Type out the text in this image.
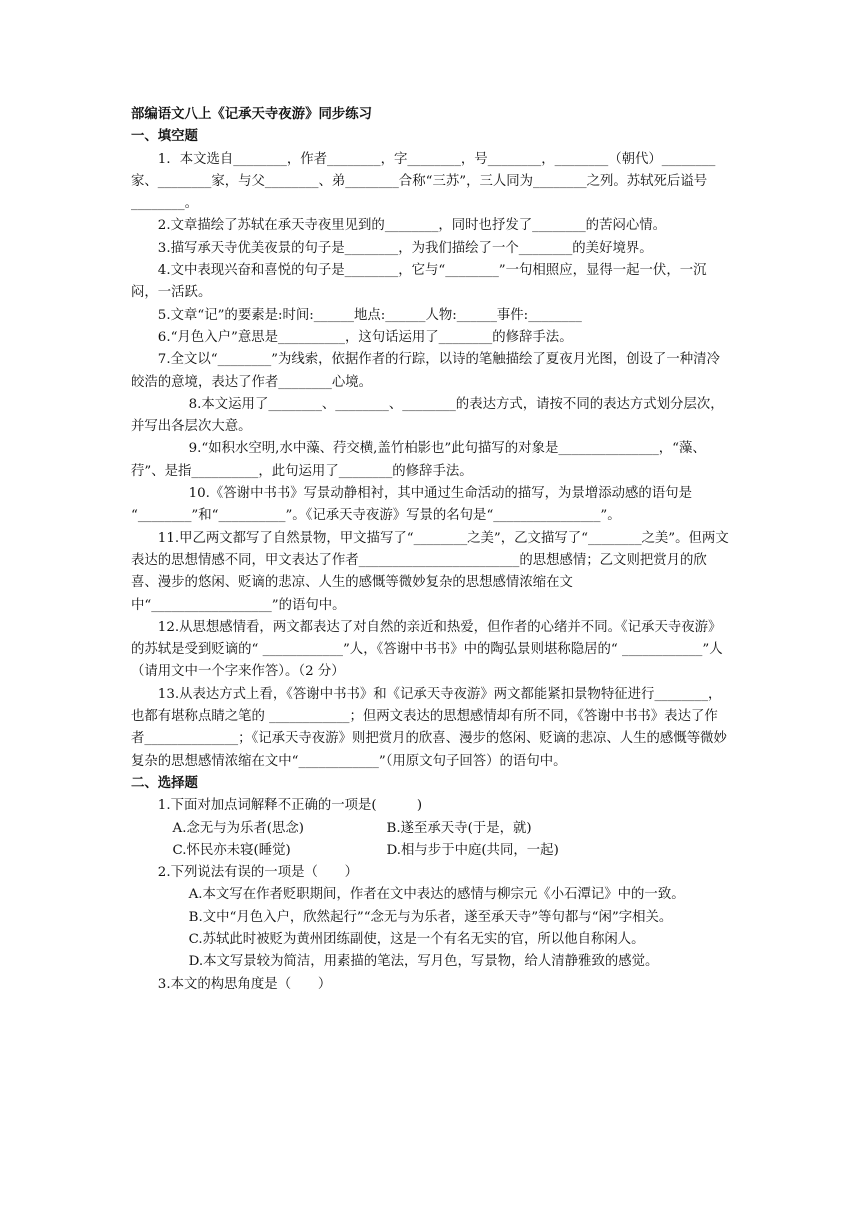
部编语文八上《记承天寺夜游》同步练习

一、填空题

1．本文选自________，作者________，字________，号________，________（朝代）________家、________家，与父________、弟________合称“三苏”，三人同为________之列。苏轼死后谥号________。

2.文章描绘了苏轼在承天寺夜里见到的________，同时也抒发了________的苦闷心情。

3.描写承天寺优美夜景的句子是________，为我们描绘了一个________的美好境界。

4.文中表现兴奋和喜悦的句子是________，它与“________”一句相照应，显得一起一伏，一沉闷，一活跃。

5.文章“记”的要素是:时间:______地点:______人物:______事件:________

6.“月色入户”意思是__________，这句话运用了________的修辞手法。

7.全文以“________”为线索，依据作者的行踪，以诗的笔触描绘了夏夜月光图，创设了一种清冷皎浩的意境，表达了作者________心境。

8.本文运用了________、________、________的表达方式，请按不同的表达方式划分层次，并写出各层次大意。

9.“如积水空明,水中藻、荇交横,盖竹柏影也”此句描写的对象是_______________，“藻、荇”、是指__________，此句运用了________的修辞手法。

10.《答谢中书书》写景动静相衬，其中通过生命活动的描写，为景增添动感的语句是

“________”和“__________”。《记承天寺夜游》写景的名句是“________________”。

11.甲乙两文都写了自然景物，甲文描写了“________之美”，乙文描写了“________之美”。但两文表达的思想情感不同，甲文表达了作者________________________的思想感情；乙文则把赏月的欣喜、漫步的悠闲、贬谪的悲凉、人生的感慨等微妙复杂的思想感情浓缩在文中“__________________”的语句中。

12.从思想感情看，两文都表达了对自然的亲近和热爱，但作者的心绪并不同。《记承天寺夜游》的苏轼是受到贬谪的“ ____________”人，《答谢中书书》中的陶弘景则堪称隐居的“ ____________”人（请用文中一个字来作答）。（2 分）

13.从表达方式上看，《答谢中书书》和《记承天寺夜游》两文都能紧扣景物特征进行________，也都有堪称点睛之笔的 ____________；但两文表达的思想感情却有所不同，《答谢中书书》表达了作者______________；《记承天寺夜游》则把赏月的欣喜、漫步的悠闲、贬谪的悲凉、人生的感慨等微妙复杂的思想感情浓缩在文中“____________”（用原文句子回答）的语句中。

二、选择题

1.下面对加点词解释不正确的一项是(　　　)

A.念无与为乐者(思念)	B.遂至承天寺(于是，就)

C.怀民亦未寝(睡觉)	D.相与步于中庭(共同，一起)

2.下列说法有误的一项是（　　）

A.本文写在作者贬职期间，作者在文中表达的感情与柳宗元《小石潭记》中的一致。

B.文中“月色入户，欣然起行”“念无与为乐者，遂至承天寺”等句都与“闲”字相关。

C.苏轼此时被贬为黄州团练副使，这是一个有名无实的官，所以他自称闲人。

D.本文写景较为简洁，用素描的笔法，写月色，写景物，给人清静雅致的感觉。

3.本文的构思角度是（　　）
